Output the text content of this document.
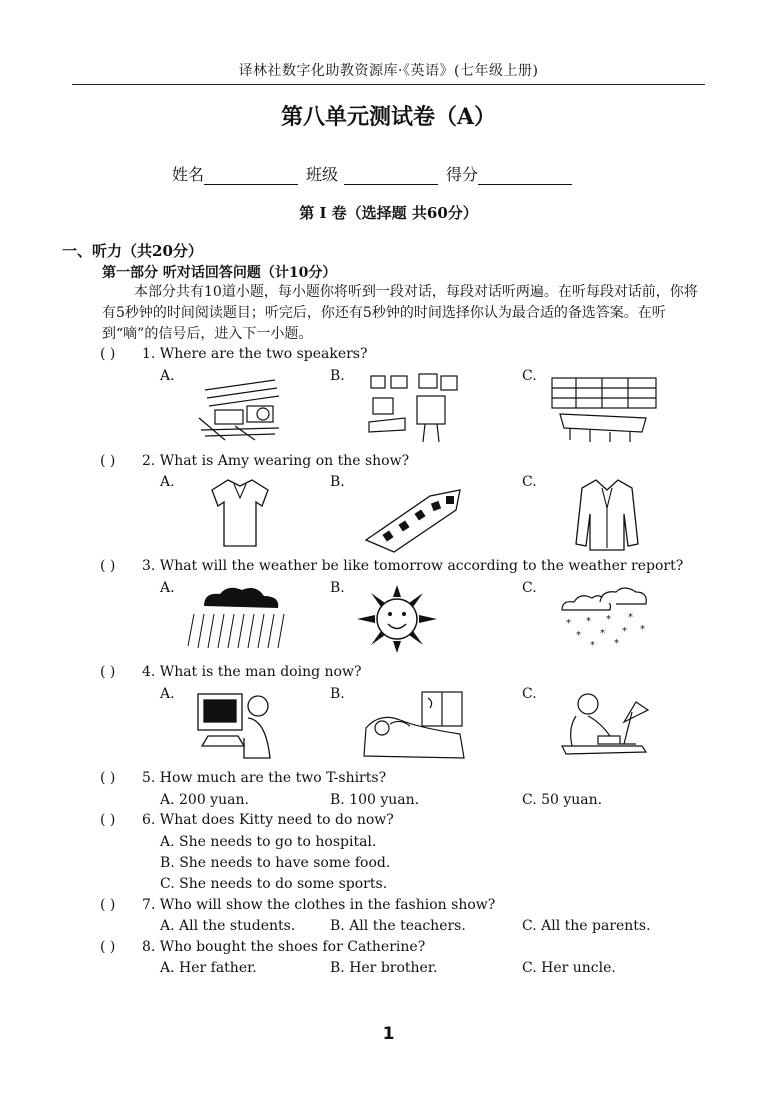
译林社数字化助教资源库·《英语》(七年级上册)
第八单元测试卷（A）
姓名	班级	得分
第 I 卷（选择题 共60分）
一、听力（共20分）
第一部分 听对话回答问题（计10分）
本部分共有10道小题，每小题你将听到一段对话，每段对话听两遍。在听每段对话前，你将有5秒钟的时间阅读题目；听完后，你还有5秒钟的时间选择你认为最合适的备选答案。在听到“嘀”的信号后，进入下一小题。
( ) 1. Where are the two speakers?
A.	B.	C.
( ) 2. What is Amy wearing on the show?
A.	B.	C.
( ) 3. What will the weather be like tomorrow according to the weather report?
A.	B.	C.
* * * *
* * * *
* *
( ) 4. What is the man doing now?
A.	B.	C.
( ) 5. How much are the two T-shirts?
A. 200 yuan.	B. 100 yuan.	C. 50 yuan.
( ) 6. What does Kitty need to do now?
A. She needs to go to hospital.
B. She needs to have some food.
C. She needs to do some sports.
( ) 7. Who will show the clothes in the fashion show?
A. All the students. B. All the teachers.	C. All the parents.
( ) 8. Who bought the shoes for Catherine?
A. Her father.	B. Her brother.	C. Her uncle.
1
